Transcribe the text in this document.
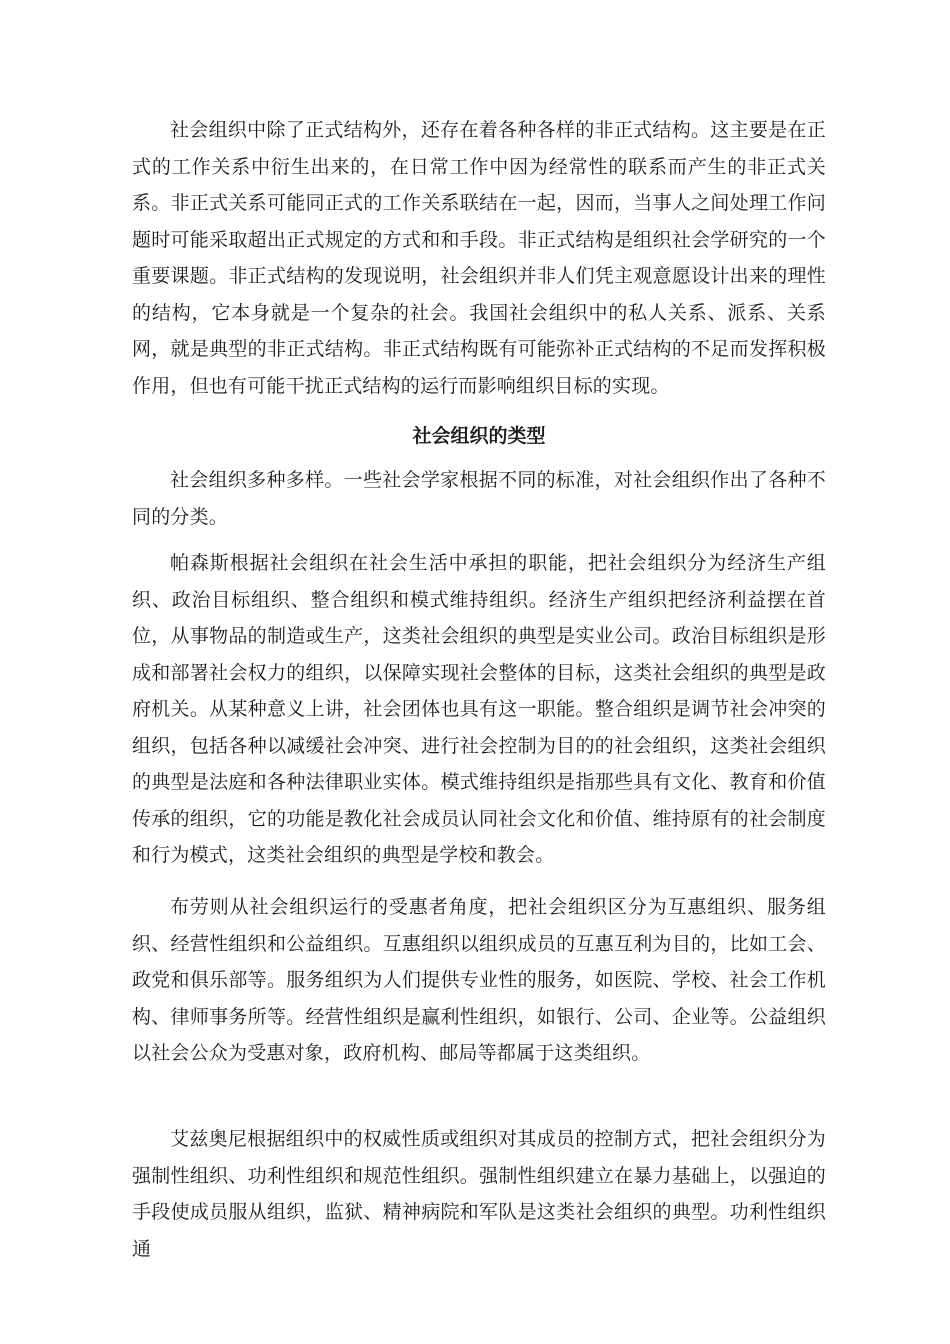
社会组织中除了正式结构外，还存在着各种各样的非正式结构。这主要是在正式的工作关系中衍生出来的，在日常工作中因为经常性的联系而产生的非正式关系。非正式关系可能同正式的工作关系联结在一起，因而，当事人之间处理工作问题时可能采取超出正式规定的方式和和手段。非正式结构是组织社会学研究的一个重要课题。非正式结构的发现说明，社会组织并非人们凭主观意愿设计出来的理性的结构，它本身就是一个复杂的社会。我国社会组织中的私人关系、派系、关系网，就是典型的非正式结构。非正式结构既有可能弥补正式结构的不足而发挥积极作用，但也有可能干扰正式结构的运行而影响组织目标的实现。

社会组织的类型

社会组织多种多样。一些社会学家根据不同的标准，对社会组织作出了各种不同的分类。

帕森斯根据社会组织在社会生活中承担的职能，把社会组织分为经济生产组织、政治目标组织、整合组织和模式维持组织。经济生产组织把经济利益摆在首位，从事物品的制造或生产，这类社会组织的典型是实业公司。政治目标组织是形成和部署社会权力的组织，以保障实现社会整体的目标，这类社会组织的典型是政府机关。从某种意义上讲，社会团体也具有这一职能。整合组织是调节社会冲突的组织，包括各种以减缓社会冲突、进行社会控制为目的的社会组织，这类社会组织的典型是法庭和各种法律职业实体。模式维持组织是指那些具有文化、教育和价值传承的组织，它的功能是教化社会成员认同社会文化和价值、维持原有的社会制度和行为模式，这类社会组织的典型是学校和教会。

布劳则从社会组织运行的受惠者角度，把社会组织区分为互惠组织、服务组织、经营性组织和公益组织。互惠组织以组织成员的互惠互利为目的，比如工会、政党和俱乐部等。服务组织为人们提供专业性的服务，如医院、学校、社会工作机构、律师事务所等。经营性组织是赢利性组织，如银行、公司、企业等。公益组织以社会公众为受惠对象，政府机构、邮局等都属于这类组织。

艾兹奥尼根据组织中的权威性质或组织对其成员的控制方式，把社会组织分为强制性组织、功利性组织和规范性组织。强制性组织建立在暴力基础上，以强迫的手段使成员服从组织，监狱、精神病院和军队是这类社会组织的典型。功利性组织通
